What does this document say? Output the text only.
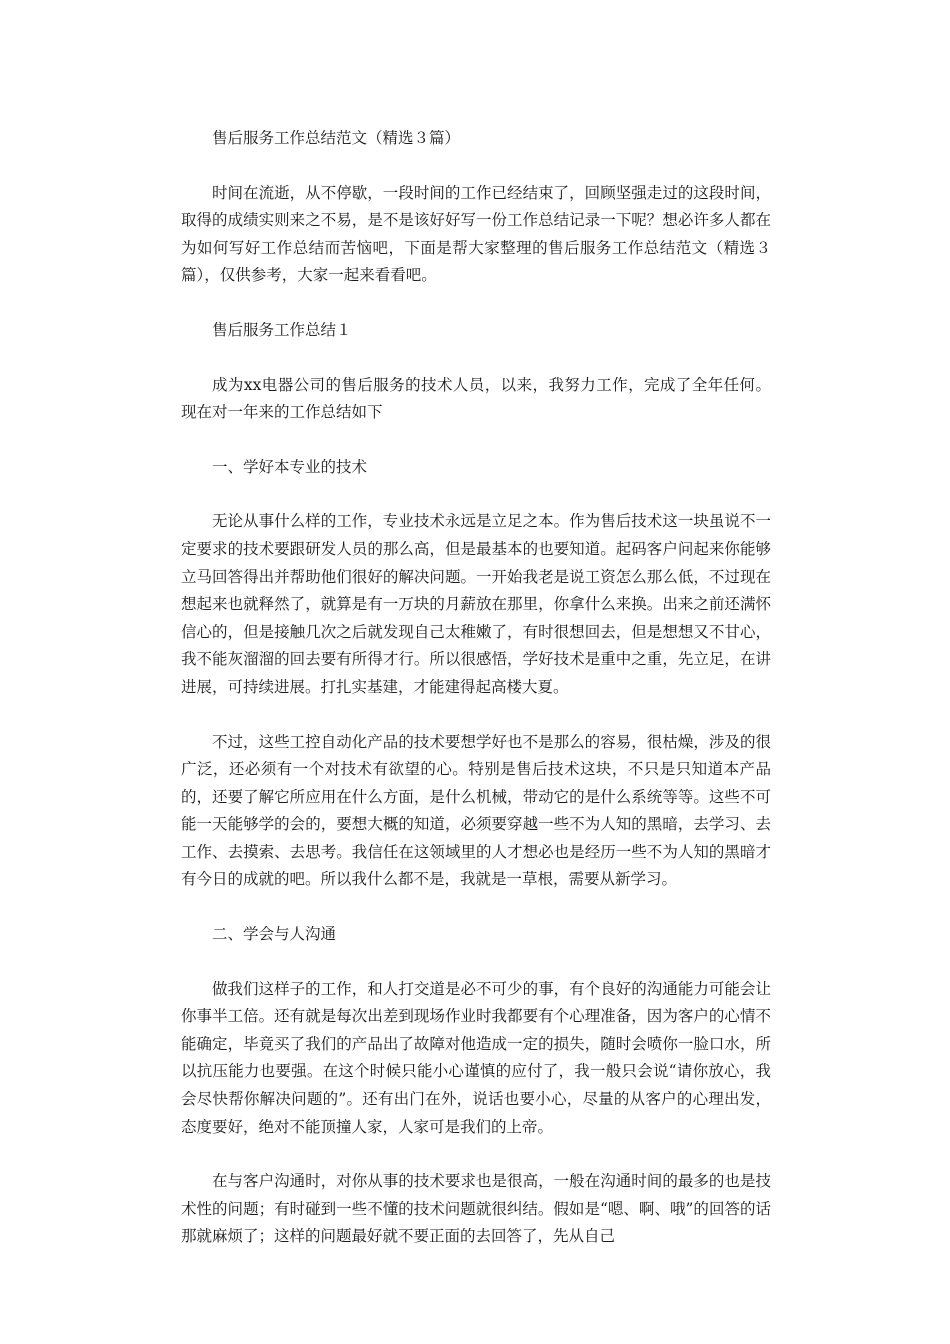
售后服务工作总结范文（精选３篇）

时间在流逝，从不停歇，一段时间的工作已经结束了，回顾坚强走过的这段时间，取得的成绩实则来之不易，是不是该好好写一份工作总结记录一下呢？想必许多人都在为如何写好工作总结而苦恼吧，下面是帮大家整理的售后服务工作总结范文（精选３篇），仅供参考，大家一起来看看吧。

售后服务工作总结１

成为xx电器公司的售后服务的技术人员，以来，我努力工作，完成了全年任何。现在对一年来的工作总结如下

一、学好本专业的技术

无论从事什么样的工作，专业技术永远是立足之本。作为售后技术这一块虽说不一定要求的技术要跟研发人员的那么高，但是最基本的也要知道。起码客户问起来你能够立马回答得出并帮助他们很好的解决问题。一开始我老是说工资怎么那么低，不过现在想起来也就释然了，就算是有一万块的月薪放在那里，你拿什么来换。出来之前还满怀信心的，但是接触几次之后就发现自己太稚嫩了，有时很想回去，但是想想又不甘心，我不能灰溜溜的回去要有所得才行。所以很感悟，学好技术是重中之重，先立足，在讲进展，可持续进展。打扎实基建，才能建得起高楼大夏。

不过，这些工控自动化产品的技术要想学好也不是那么的容易，很枯燥，涉及的很广泛，还必须有一个对技术有欲望的心。特别是售后技术这块，不只是只知道本产品的，还要了解它所应用在什么方面，是什么机械，带动它的是什么系统等等。这些不可能一天能够学的会的，要想大概的知道，必须要穿越一些不为人知的黑暗，去学习、去工作、去摸索、去思考。我信任在这领域里的人才想必也是经历一些不为人知的黑暗才有今日的成就的吧。所以我什么都不是，我就是一草根，需要从新学习。

二、学会与人沟通

做我们这样子的工作，和人打交道是必不可少的事，有个良好的沟通能力可能会让你事半工倍。还有就是每次出差到现场作业时我都要有个心理准备，因为客户的心情不能确定，毕竟买了我们的产品出了故障对他造成一定的损失，随时会喷你一脸口水，所以抗压能力也要强。在这个时候只能小心谨慎的应付了，我一般只会说“请你放心，我会尽快帮你解决问题的”。还有出门在外，说话也要小心，尽量的从客户的心理出发，态度要好，绝对不能顶撞人家，人家可是我们的上帝。

在与客户沟通时，对你从事的技术要求也是很高，一般在沟通时间的最多的也是技术性的问题；有时碰到一些不懂的技术问题就很纠结。假如是“嗯、啊、哦”的回答的话那就麻烦了；这样的问题最好就不要正面的去回答了，先从自己
